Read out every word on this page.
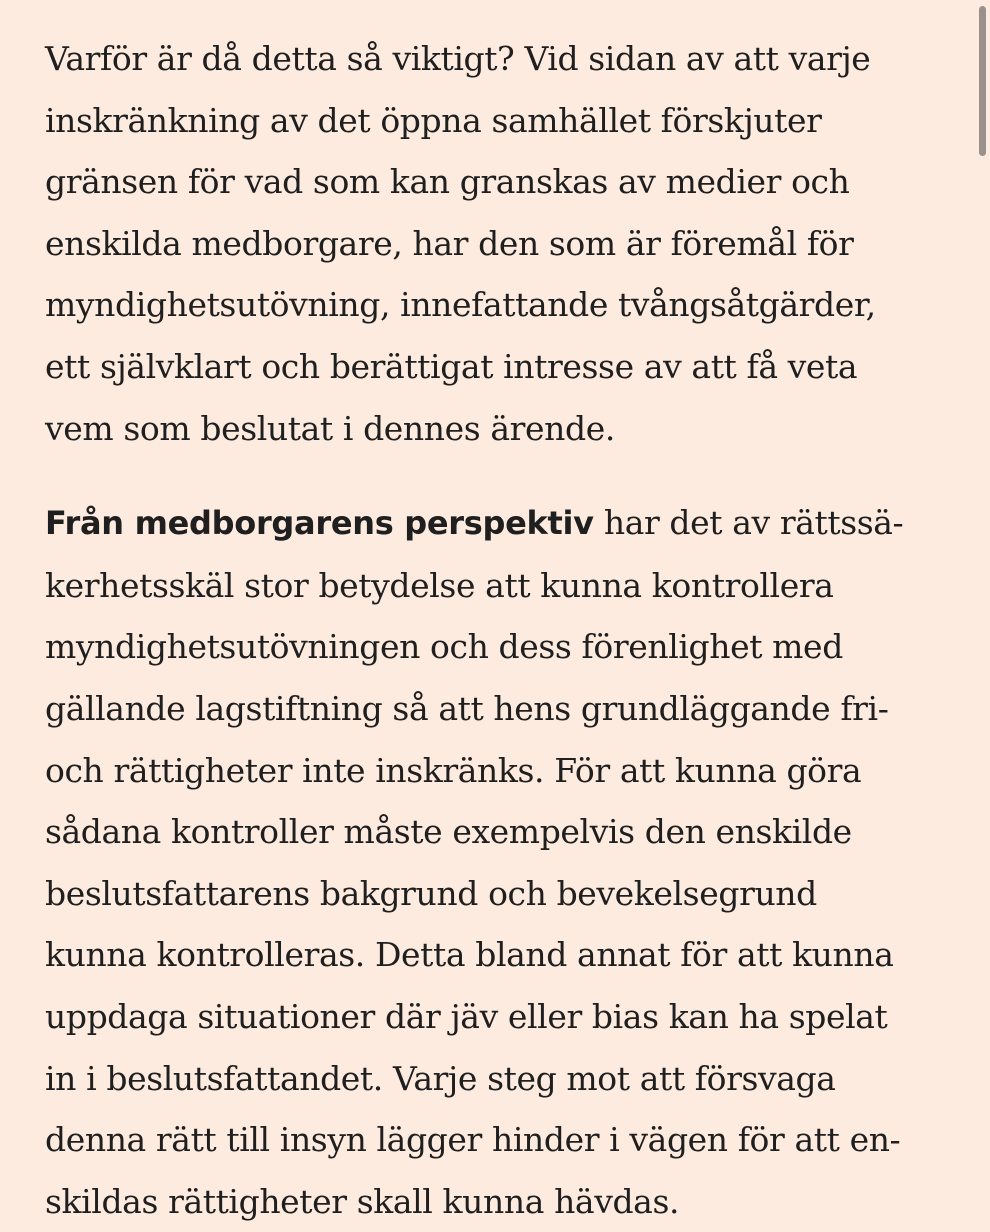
Varför är då detta så viktigt? Vid sidan av att varje
inskränkning av det öppna samhället förskjuter
gränsen för vad som kan granskas av medier och
enskilda medborgare, har den som är föremål för
myndighetsutövning, innefattande tvångsåtgärder,
ett självklart och berättigat intresse av att få veta
vem som beslutat i dennes ärende.

Från medborgarens perspektiv har det av rättssä-
kerhetsskäl stor betydelse att kunna kontrollera
myndighetsutövningen och dess förenlighet med
gällande lagstiftning så att hens grundläggande fri-
och rättigheter inte inskränks. För att kunna göra
sådana kontroller måste exempelvis den enskilde
beslutsfattarens bakgrund och bevekelsegrund
kunna kontrolleras. Detta bland annat för att kunna
uppdaga situationer där jäv eller bias kan ha spelat
in i beslutsfattandet. Varje steg mot att försvaga
denna rätt till insyn lägger hinder i vägen för att en-
skildas rättigheter skall kunna hävdas.
